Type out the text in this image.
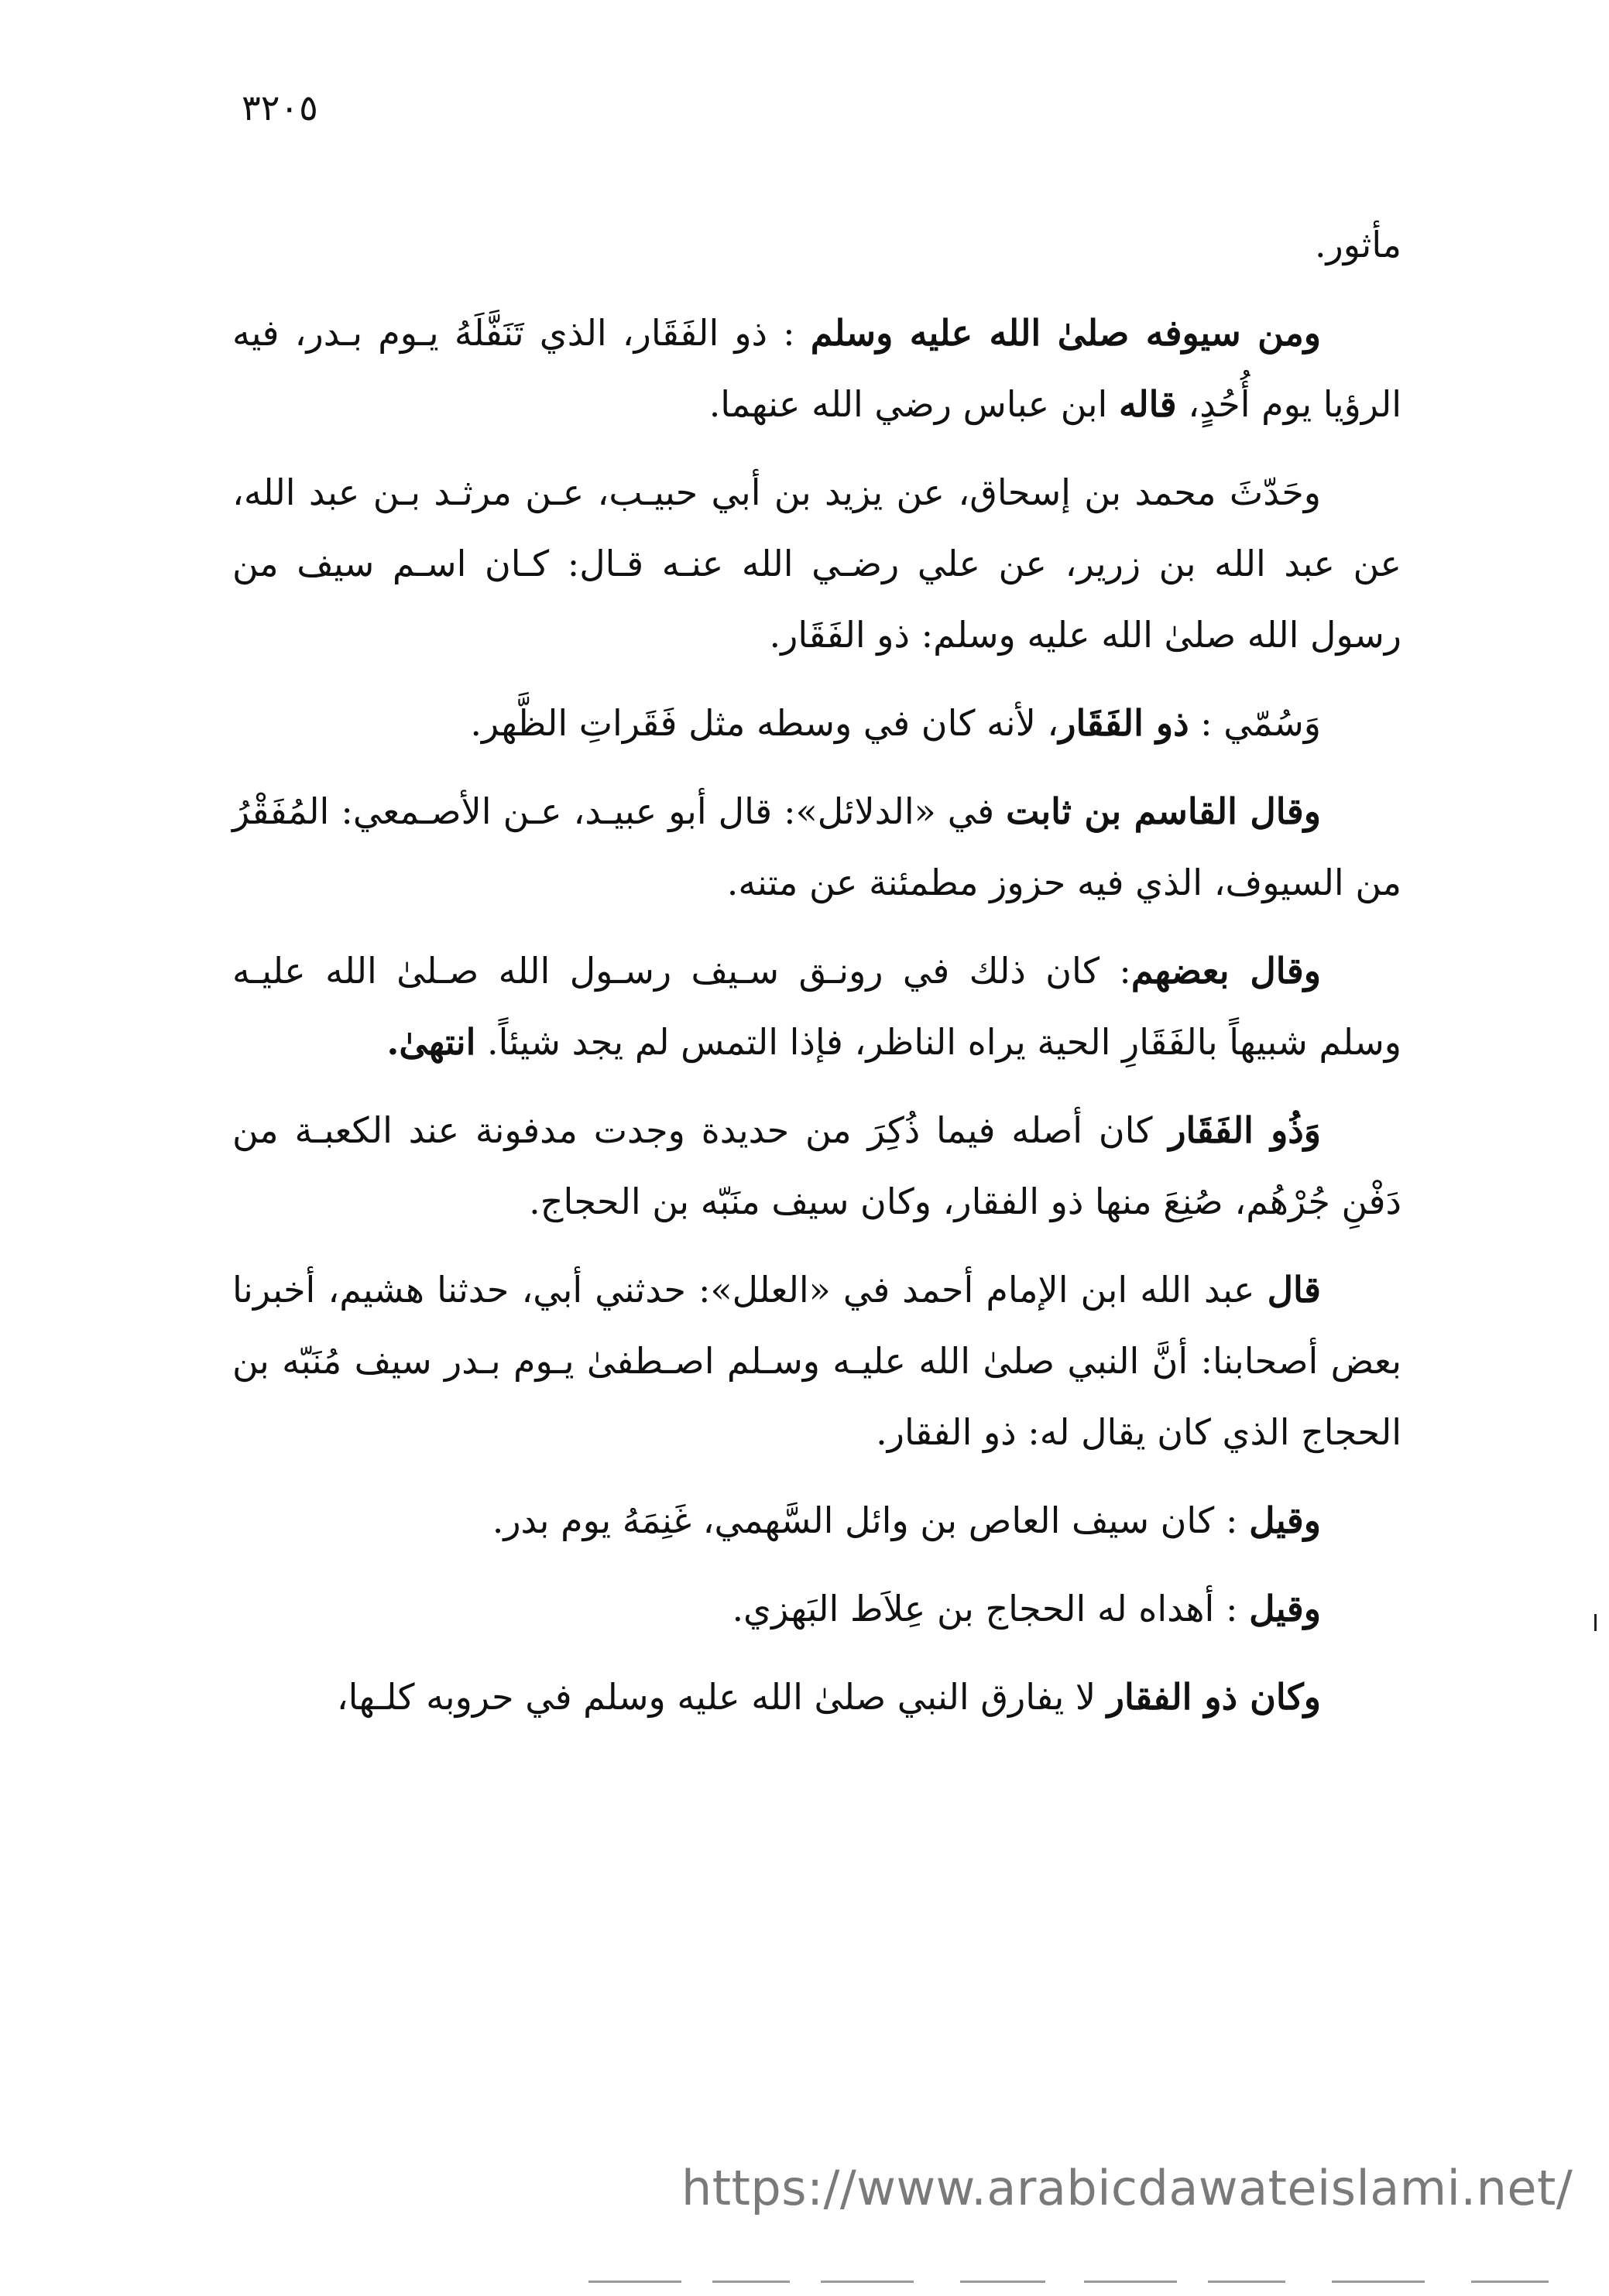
٣٢٠٥

مأثور.

ومن سيوفه صلىٰ الله عليه وسلم : ذو الفَقَار، الذي تَنَفَّلَهُ يـوم بـدر، فيه الرؤيا يوم أُحُدٍ، قاله ابن عباس رضي الله عنهما.

وحَدّثَ محمد بن إسحاق، عن يزيد بن أبي حبيـب، عـن مرثـد بـن عبد الله، عن عبد الله بن زرير، عن علي رضـي الله عنـه قـال: كـان اسـم سيف من رسول الله صلىٰ الله عليه وسلم: ذو الفَقَار.

وَسُمّي : ذو الفَقَار، لأنه كان في وسطه مثل فَقَراتِ الظَّهر.

وقال القاسم بن ثابت في «الدلائل»: قال أبو عبيـد، عـن الأصـمعي: المُفَقْرُ من السيوف، الذي فيه حزوز مطمئنة عن متنه.

وقال بعضهم: كان ذلك في رونـق سـيف رسـول الله صـلىٰ الله عليـه وسلم شبيهاً بالفَقَارِ الحية يراه الناظر، فإذا التمس لم يجد شيئاً. انتهىٰ.

وَذُو الفَقَار كان أصله فيما ذُكِرَ من حديدة وجدت مدفونة عند الكعبـة من دَفْنِ جُرْهُم، صُنِعَ منها ذو الفقار، وكان سيف منَبّه بن الحجاج.

قال عبد الله ابن الإمام أحمد في «العلل»: حدثني أبي، حدثنا هشيم، أخبرنا بعض أصحابنا: أنَّ النبي صلىٰ الله عليـه وسـلم اصـطفىٰ يـوم بـدر سيف مُنَبّه بن الحجاج الذي كان يقال له: ذو الفقار.

وقيل : كان سيف العاص بن وائل السَّهمي، غَنِمَهُ يوم بدر.

وقيل : أهداه له الحجاج بن عِلاَط البَهزي.

وكان ذو الفقار لا يفارق النبي صلىٰ الله عليه وسلم في حروبه كلـها،

https://www.arabicdawateislami.net/
